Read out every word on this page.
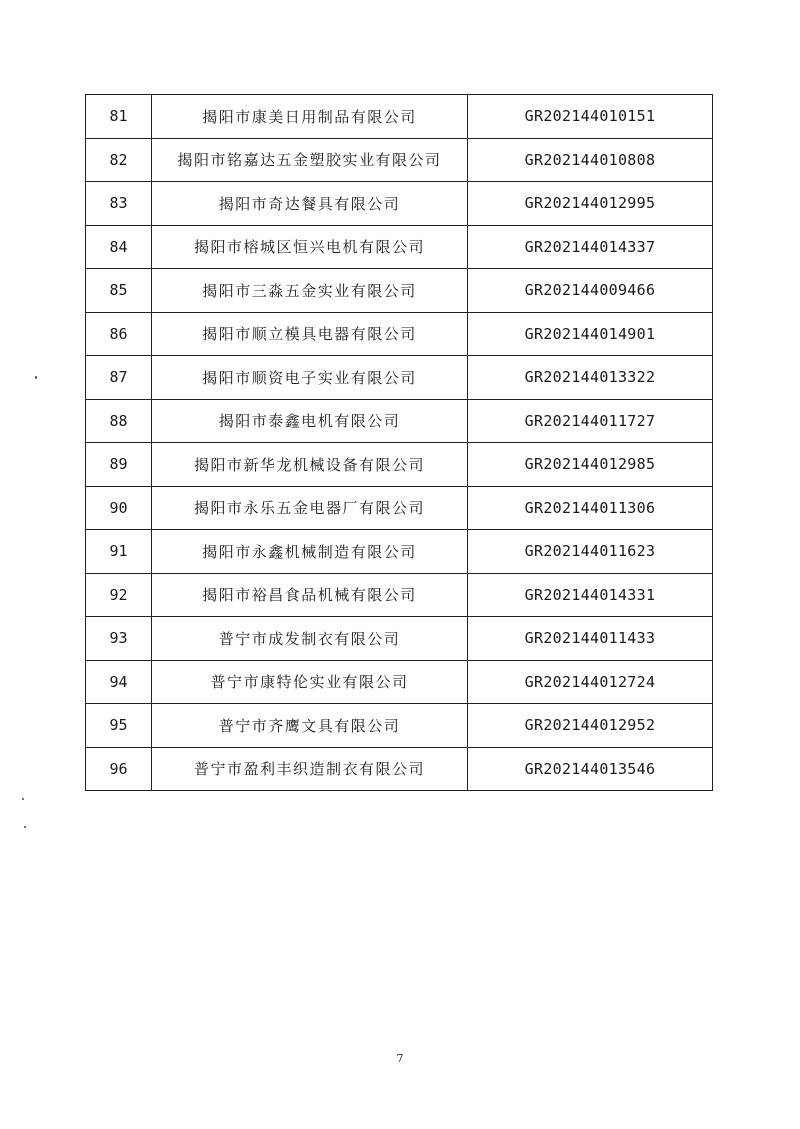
81	揭阳市康美日用制品有限公司	GR202144010151
82	揭阳市铭嘉达五金塑胶实业有限公司	GR202144010808
83	揭阳市奇达餐具有限公司	GR202144012995
84	揭阳市榕城区恒兴电机有限公司	GR202144014337
85	揭阳市三淼五金实业有限公司	GR202144009466
86	揭阳市顺立模具电器有限公司	GR202144014901
87	揭阳市顺资电子实业有限公司	GR202144013322
88	揭阳市泰鑫电机有限公司	GR202144011727
89	揭阳市新华龙机械设备有限公司	GR202144012985
90	揭阳市永乐五金电器厂有限公司	GR202144011306
91	揭阳市永鑫机械制造有限公司	GR202144011623
92	揭阳市裕昌食品机械有限公司	GR202144014331
93	普宁市成发制衣有限公司	GR202144011433
94	普宁市康特伦实业有限公司	GR202144012724
95	普宁市齐鹰文具有限公司	GR202144012952
96	普宁市盈利丰织造制衣有限公司	GR202144013546
7
